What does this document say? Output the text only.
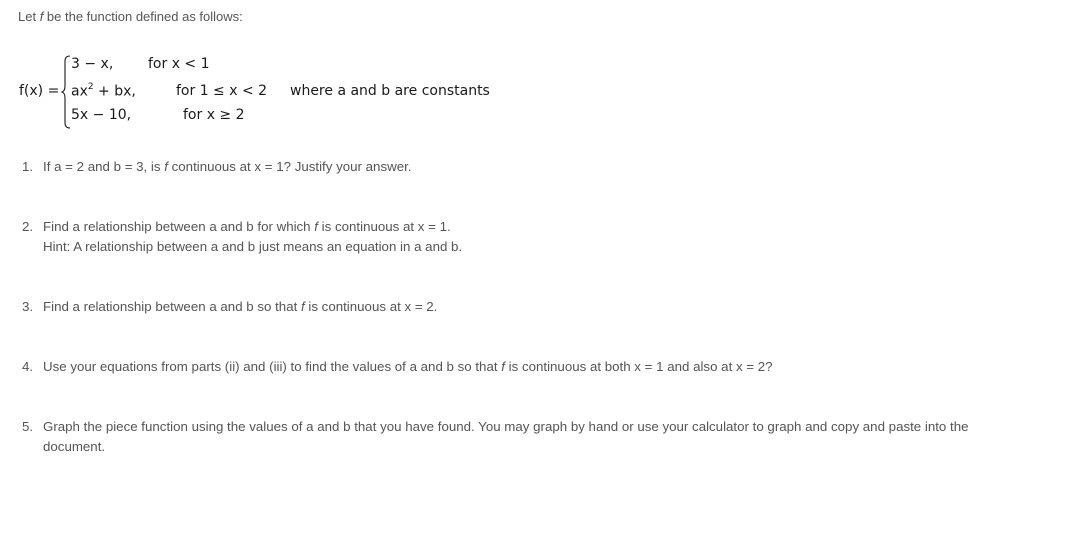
Let f be the function defined as follows:
f(x) =
3 − x, for x < 1
$ax^2$ + bx,	for 1 ≤ x < 2
5x − 10,	for x ≥ 2
where a and b are constants
1. If a = 2 and b = 3, is f continuous at x = 1? Justify your answer.
2. Find a relationship between a and b for which f is continuous at x = 1.
Hint: A relationship between a and b just means an equation in a and b.
3. Find a relationship between a and b so that f is continuous at x = 2.
4. Use your equations from parts (ii) and (iii) to find the values of a and b so that f is continuous at both x = 1 and also at x = 2?
5. Graph the piece function using the values of a and b that you have found. You may graph by hand or use your calculator to graph and copy and paste into the
document.
